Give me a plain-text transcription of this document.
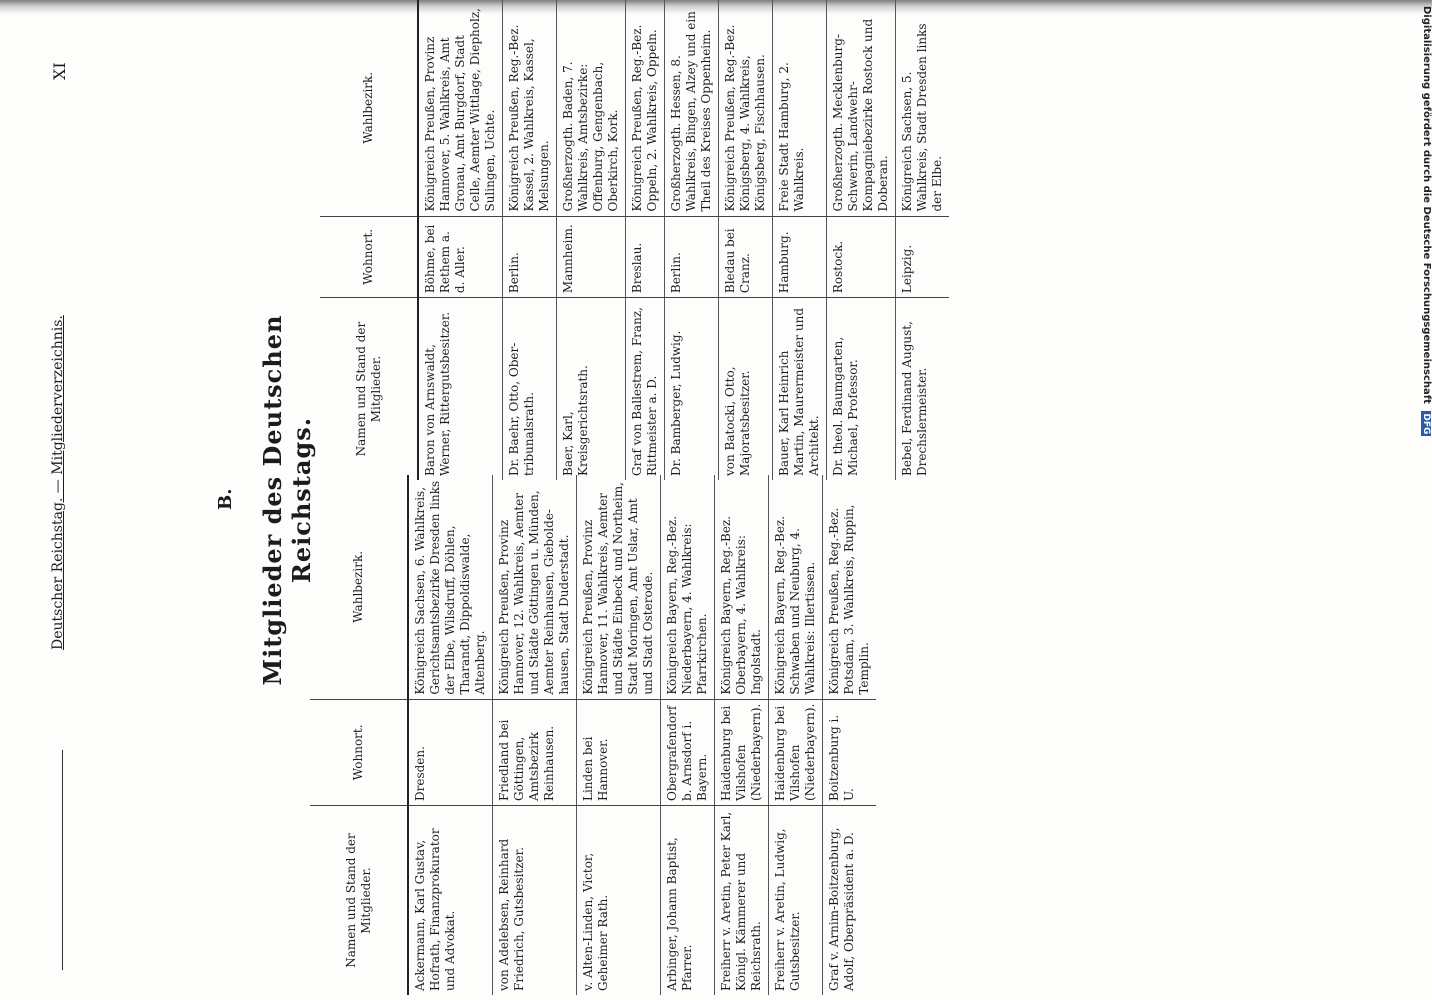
Deutscher Reichstag. — Mitgliederverzeichnis.
XI
B. Mitglieder des Deutschen Reichstags.
Namen und Stand der Mitglieder.	Wohnort.	Wahlbezirk.
Ackermann, Karl Gustav, Hofrath, Finanzprokurator und Advokat.	Dresden.	Königreich Sachsen, 6. Wahlkreis, Gerichtsamtsbezirke Dresden links der Elbe, Wilsdruff, Döhlen, Tharandt, Dippoldiswalde, Altenberg.
von Adelebsen, Reinhard Friedrich, Gutsbesitzer.	Friedland bei Göttingen, Amtsbezirk Reinhausen.	Königreich Preußen, Provinz Hannover, 12. Wahlkreis, Aemter und Städte Göttingen u. Münden, Aemter Reinhausen, Gieboldehausen, Stadt Duderstadt.
v. Alten-Linden, Victor, Geheimer Rath.	Linden bei Hannover.	Königreich Preußen, Provinz Hannover, 11. Wahlkreis, Aemter und Städte Einbeck und Northeim, Stadt Moringen, Amt Uslar, Amt und Stadt Osterode.
Arbinger, Johann Baptist, Pfarrer.	Obergrafendorf b. Arnsdorf i. Bayern.	Königreich Bayern, Reg.-Bez. Niederbayern, 4. Wahlkreis: Pfarrkirchen.
Freiherr v. Aretin, Peter Karl, Königl. Kämmerer und Reichsrath.	Haidenburg bei Vilshofen (Niederbayern).	Königreich Bayern, Reg.-Bez. Oberbayern, 4. Wahlkreis: Ingolstadt.
Freiherr v. Aretin, Ludwig, Gutsbesitzer.	Haidenburg bei Vilshofen (Niederbayern).	Königreich Bayern, Reg.-Bez. Schwaben und Neuburg, 4. Wahlkreis: Illertissen.
Graf v. Arnim-Boitzenburg, Adolf, Oberpräsident a. D.	Boitzenburg i. U.	Königreich Preußen, Reg.-Bez. Potsdam, 3. Wahlkreis, Ruppin, Templin.
Namen und Stand der Mitglieder.	Wohnort.	Wahlbezirk.
Baron von Arnswaldt, Werner, Rittergutsbesitzer.	Böhme, bei Rethem a. d. Aller.	Königreich Preußen, Provinz Hannover, 5. Wahlkreis, Amt Gronau, Amt Burgdorf, Stadt Celle, Aemter Wittlage, Diepholz, Sulingen, Uchte.
Dr. Baehr, Otto, Ober-tribunalsrath.	Berlin.	Königreich Preußen, Reg.-Bez. Kassel, 2. Wahlkreis, Kassel, Melsungen.
Baer, Karl, Kreisgerichtsrath.	Mannheim.	Großherzogth. Baden, 7. Wahlkreis, Amtsbezirke: Offenburg, Gengenbach, Oberkirch, Kork.
Graf von Ballestrem, Franz, Rittmeister a. D.	Breslau.	Königreich Preußen, Reg.-Bez. Oppeln, 2. Wahlkreis, Oppeln.
Dr. Bamberger, Ludwig.	Berlin.	Großherzogth. Hessen, 8. Wahlkreis, Bingen, Alzey und ein Theil des Kreises Oppenheim.
von Batocki, Otto, Majoratsbesitzer.	Bledau bei Cranz.	Königreich Preußen, Reg.-Bez. Königsberg, 4. Wahlkreis, Königsberg, Fischhausen.
Bauer, Karl Heinrich Martin, Maurermeister und Architekt.	Hamburg.	Freie Stadt Hamburg, 2. Wahlkreis.
Dr. theol. Baumgarten, Michael, Professor.	Rostock.	Großherzogth. Mecklenburg-Schwerin, Landwehr-Kompagniebezirke Rostock und Doberan.
Bebel, Ferdinand August, Drechslermeister.	Leipzig.	Königreich Sachsen, 5. Wahlkreis, Stadt Dresden links der Elbe.	Digitalisierung gefördert durch die Deutsche Forschungsgemeinschaft DFG
